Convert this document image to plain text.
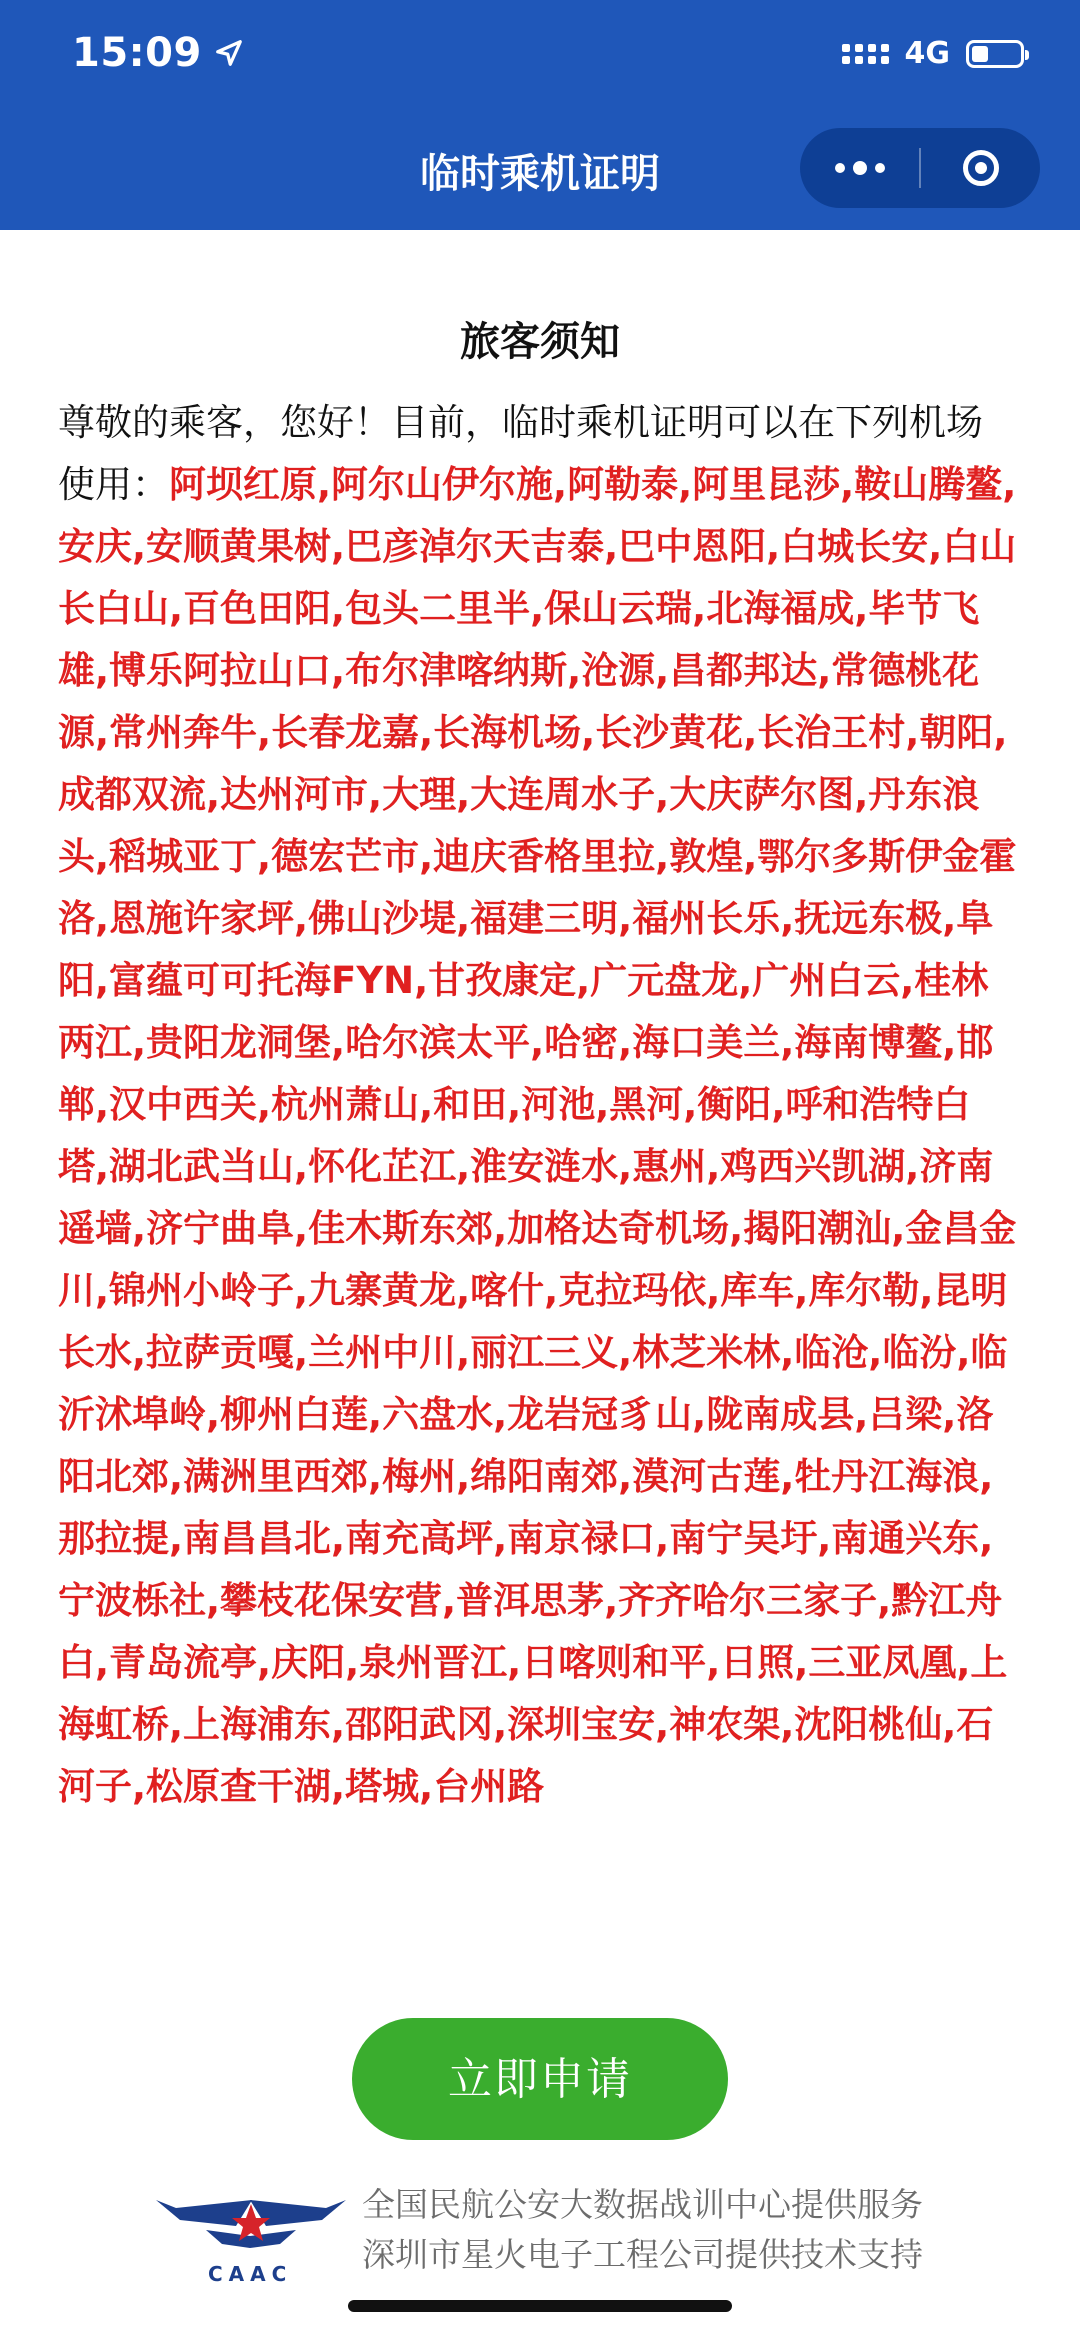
15:09	4G
临时乘机证明
旅客须知
尊敬的乘客，您好！目前，临时乘机证明可以在下列机场使用：阿坝红原,阿尔山伊尔施,阿勒泰,阿里昆莎,鞍山腾鳌,安庆,安顺黄果树,巴彦淖尔天吉泰,巴中恩阳,白城长安,白山长白山,百色田阳,包头二里半,保山云瑞,北海福成,毕节飞雄,博乐阿拉山口,布尔津喀纳斯,沧源,昌都邦达,常德桃花源,常州奔牛,长春龙嘉,长海机场,长沙黄花,长治王村,朝阳,成都双流,达州河市,大理,大连周水子,大庆萨尔图,丹东浪头,稻城亚丁,德宏芒市,迪庆香格里拉,敦煌,鄂尔多斯伊金霍洛,恩施许家坪,佛山沙堤,福建三明,福州长乐,抚远东极,阜阳,富蕴可可托海FYN,甘孜康定,广元盘龙,广州白云,桂林两江,贵阳龙洞堡,哈尔滨太平,哈密,海口美兰,海南博鳌,邯郸,汉中西关,杭州萧山,和田,河池,黑河,衡阳,呼和浩特白塔,湖北武当山,怀化芷江,淮安涟水,惠州,鸡西兴凯湖,济南遥墙,济宁曲阜,佳木斯东郊,加格达奇机场,揭阳潮汕,金昌金川,锦州小岭子,九寨黄龙,喀什,克拉玛依,库车,库尔勒,昆明长水,拉萨贡嘎,兰州中川,丽江三义,林芝米林,临沧,临汾,临沂沭埠岭,柳州白莲,六盘水,龙岩冠豸山,陇南成县,吕梁,洛阳北郊,满洲里西郊,梅州,绵阳南郊,漠河古莲,牡丹江海浪,那拉提,南昌昌北,南充高坪,南京禄口,南宁吴圩,南通兴东,宁波栎社,攀枝花保安营,普洱思茅,齐齐哈尔三家子,黔江舟白,青岛流亭,庆阳,泉州晋江,日喀则和平,日照,三亚凤凰,上海虹桥,上海浦东,邵阳武冈,深圳宝安,神农架,沈阳桃仙,石河子,松原查干湖,塔城,台州路
立即申请
CAAC
全国民航公安大数据战训中心提供服务
深圳市星火电子工程公司提供技术支持
